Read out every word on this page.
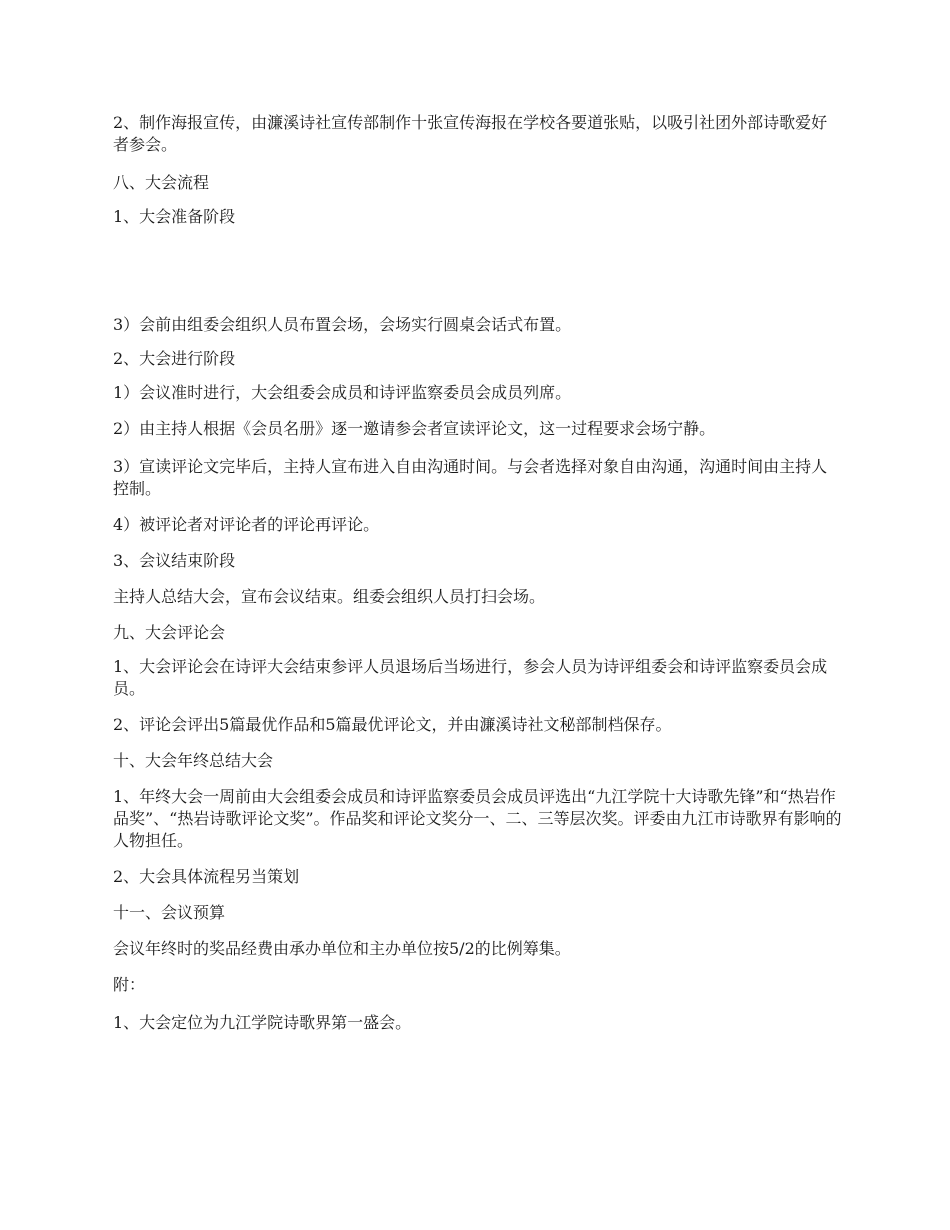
2、制作海报宣传，由濂溪诗社宣传部制作十张宣传海报在学校各要道张贴，以吸引社团外部诗歌爱好者参会。

八、大会流程

1、大会准备阶段

3）会前由组委会组织人员布置会场，会场实行圆桌会话式布置。

2、大会进行阶段

1）会议准时进行，大会组委会成员和诗评监察委员会成员列席。

2）由主持人根据《会员名册》逐一邀请参会者宣读评论文，这一过程要求会场宁静。

3）宣读评论文完毕后，主持人宣布进入自由沟通时间。与会者选择对象自由沟通，沟通时间由主持人控制。

4）被评论者对评论者的评论再评论。

3、会议结束阶段

主持人总结大会，宣布会议结束。组委会组织人员打扫会场。

九、大会评论会

1、大会评论会在诗评大会结束参评人员退场后当场进行，参会人员为诗评组委会和诗评监察委员会成员。

2、评论会评出5篇最优作品和5篇最优评论文，并由濂溪诗社文秘部制档保存。

十、大会年终总结大会

1、年终大会一周前由大会组委会成员和诗评监察委员会成员评选出“九江学院十大诗歌先锋”和“热岩作品奖”、“热岩诗歌评论文奖”。作品奖和评论文奖分一、二、三等层次奖。评委由九江市诗歌界有影响的人物担任。

2、大会具体流程另当策划

十一、会议预算

会议年终时的奖品经费由承办单位和主办单位按5/2的比例筹集。

附：

1、大会定位为九江学院诗歌界第一盛会。
